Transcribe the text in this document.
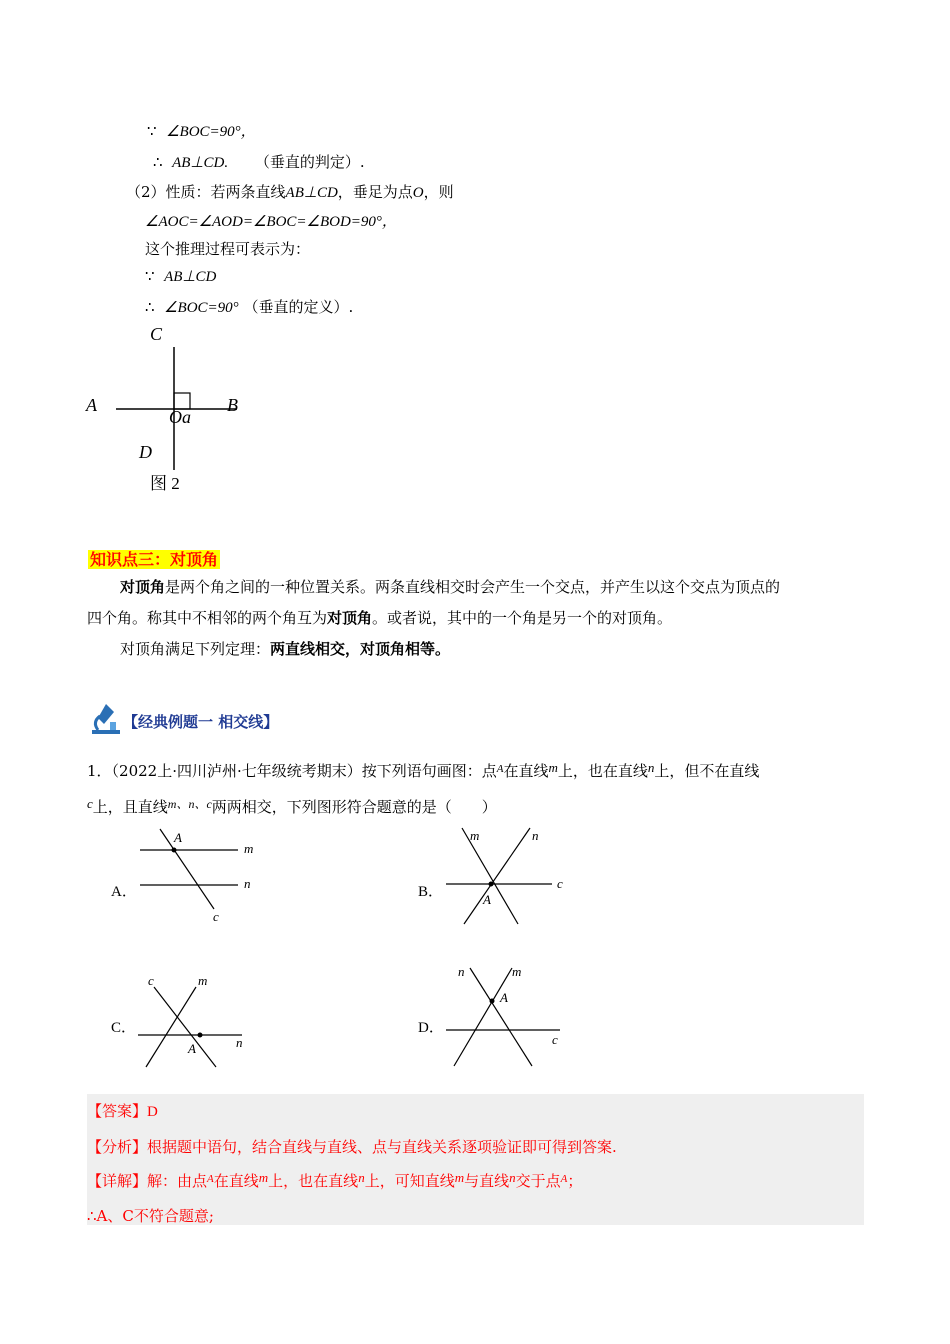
∵ ∠BOC=90°，
∴ AB⊥CD. （垂直的判定）.
（2）性质：若两条直线AB⊥CD，垂足为点O，则
∠AOC=∠AOD=∠BOC=∠BOD=90°，
这个推理过程可表示为：
∵ AB⊥CD
∴ ∠BOC=90° （垂直的定义）.
C
A	B
Oa
D
图 2
知识点三：对顶角
对顶角是两个角之间的一种位置关系。两条直线相交时会产生一个交点，并产生以这个交点为顶点的
四个角。称其中不相邻的两个角互为对顶角。或者说，其中的一个角是另一个的对顶角。
对顶角满足下列定理：两直线相交，对顶角相等。
【经典例题一 相交线】
1．（2022上·四川泸州·七年级统考期末）按下列语句画图：点$^A$在直线m上，也在直线n上，但不在直线
c上，且直线$^{m、n、c}$两两相交，下列图形符合题意的是（　　）
A．
A
m
n
c
B．
m	n
c
A
C．
c	m
n
A
D．
n	m
c
A
【答案】D
【分析】根据题中语句，结合直线与直线、点与直线关系逐项验证即可得到答案.
【详解】解：由点$^A$在直线m上，也在直线n上，可知直线m与直线n交于点$^A$；
∴A、C不符合题意;
